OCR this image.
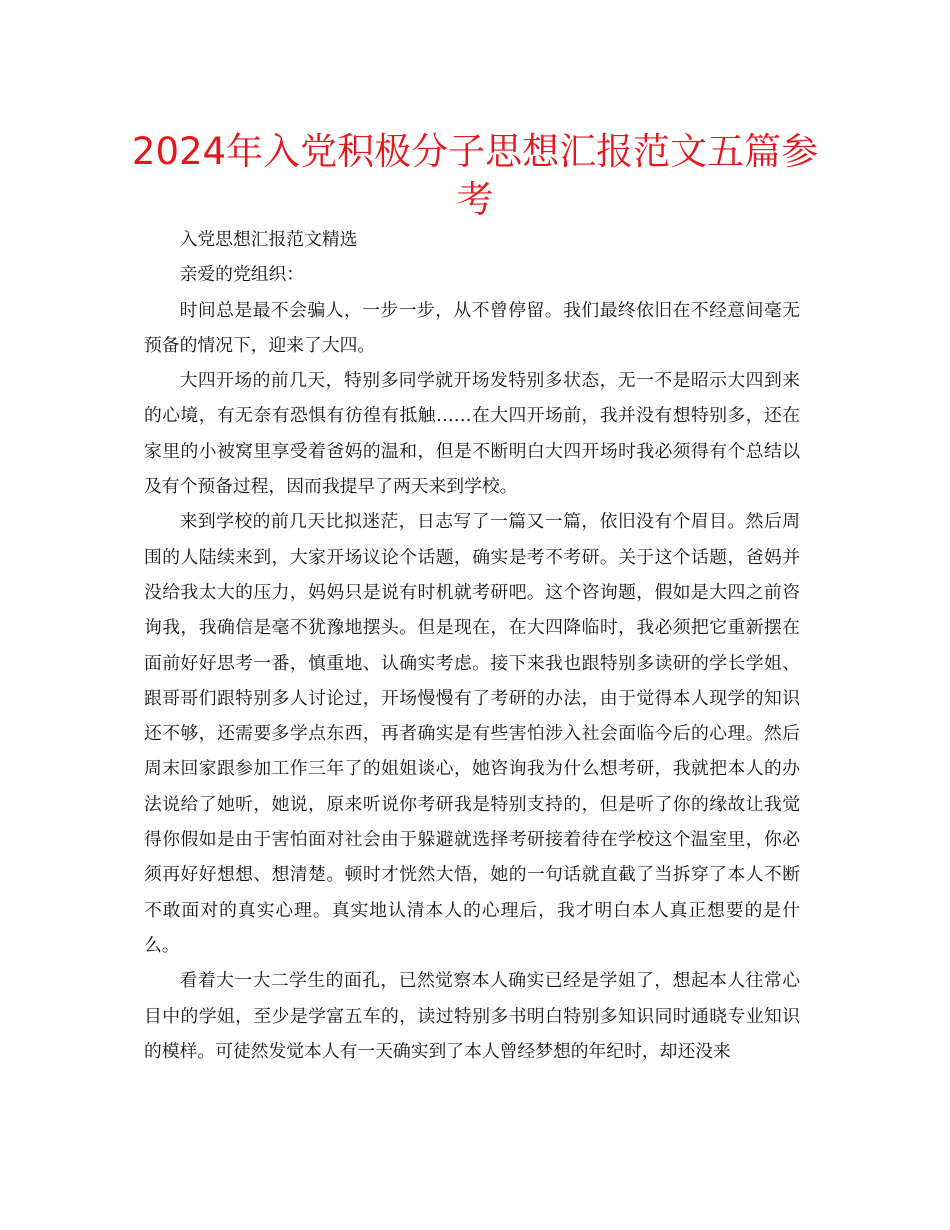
2024年入党积极分子思想汇报范文五篇参考

入党思想汇报范文精选

亲爱的党组织：

时间总是最不会骗人，一步一步，从不曾停留。我们最终依旧在不经意间毫无预备的情况下，迎来了大四。

大四开场的前几天，特别多同学就开场发特别多状态，无一不是昭示大四到来的心境，有无奈有恐惧有彷徨有抵触……在大四开场前，我并没有想特别多，还在家里的小被窝里享受着爸妈的温和，但是不断明白大四开场时我必须得有个总结以及有个预备过程，因而我提早了两天来到学校。

来到学校的前几天比拟迷茫，日志写了一篇又一篇，依旧没有个眉目。然后周围的人陆续来到，大家开场议论个话题，确实是考不考研。关于这个话题，爸妈并没给我太大的压力，妈妈只是说有时机就考研吧。这个咨询题，假如是大四之前咨询我，我确信是毫不犹豫地摆头。但是现在，在大四降临时，我必须把它重新摆在面前好好思考一番，慎重地、认确实考虑。接下来我也跟特别多读研的学长学姐、跟哥哥们跟特别多人讨论过，开场慢慢有了考研的办法，由于觉得本人现学的知识还不够，还需要多学点东西，再者确实是有些害怕涉入社会面临今后的心理。然后周末回家跟参加工作三年了的姐姐谈心，她咨询我为什么想考研，我就把本人的办法说给了她听，她说，原来听说你考研我是特别支持的，但是听了你的缘故让我觉得你假如是由于害怕面对社会由于躲避就选择考研接着待在学校这个温室里，你必须再好好想想、想清楚。顿时才恍然大悟，她的一句话就直截了当拆穿了本人不断不敢面对的真实心理。真实地认清本人的心理后，我才明白本人真正想要的是什么。

看着大一大二学生的面孔，已然觉察本人确实已经是学姐了，想起本人往常心目中的学姐，至少是学富五车的，读过特别多书明白特别多知识同时通晓专业知识的模样。可徒然发觉本人有一天确实到了本人曾经梦想的年纪时，却还没来
